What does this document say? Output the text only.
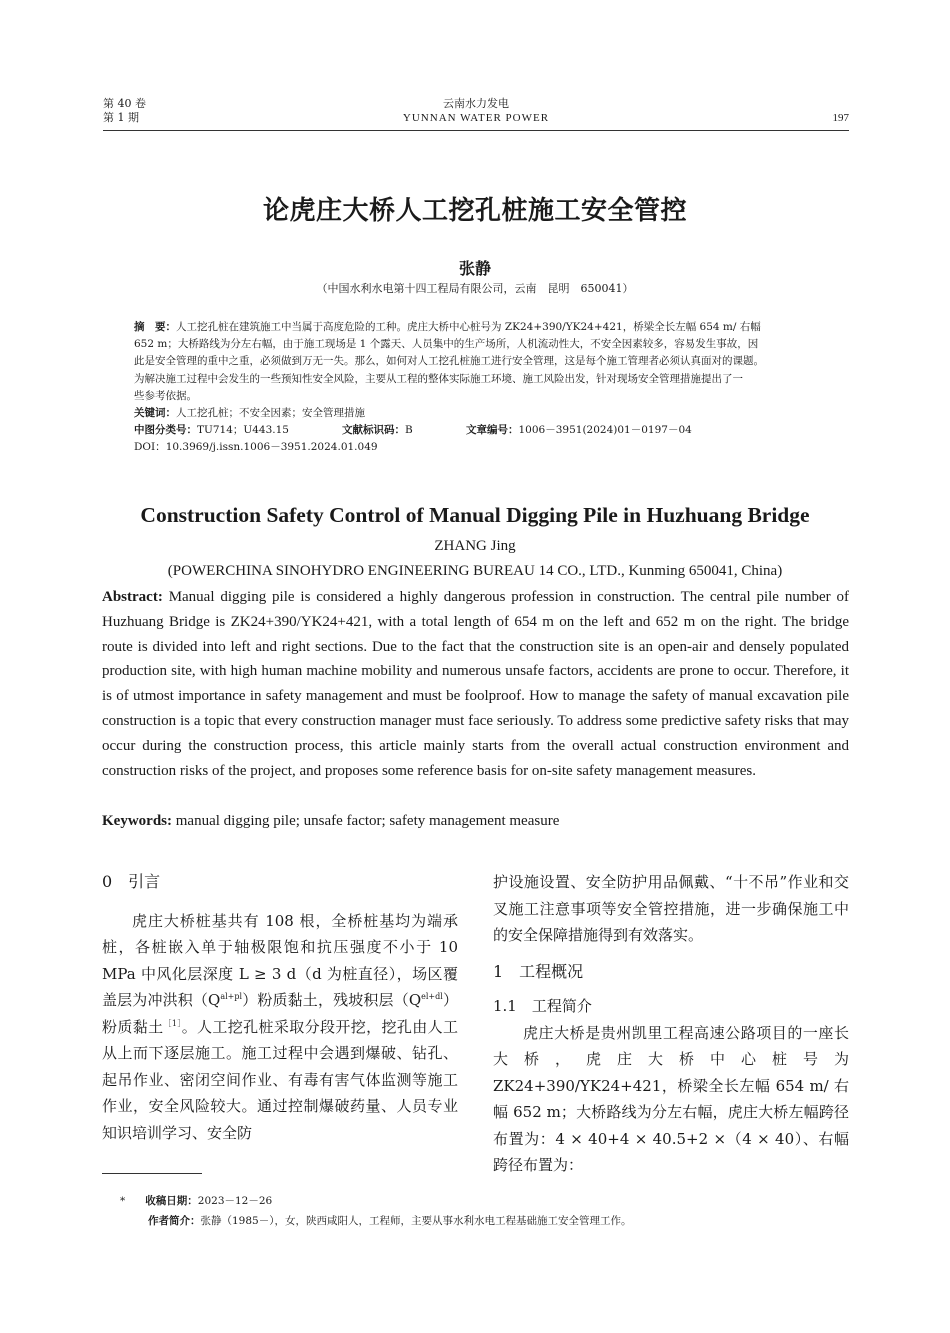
第 40 卷
第 1 期
云南水力发电
YUNNAN WATER POWER	197
论虎庄大桥人工挖孔桩施工安全管控
张静
（中国水利水电第十四工程局有限公司，云南　昆明　650041）
摘　要：人工挖孔桩在建筑施工中当属于高度危险的工种。虎庄大桥中心桩号为 ZK24+390/YK24+421，桥梁全长左幅 654 m/ 右幅
652 m；大桥路线为分左右幅，由于施工现场是 1 个露天、人员集中的生产场所，人机流动性大，不安全因素较多，容易发生事故，因
此是安全管理的重中之重，必须做到万无一失。那么，如何对人工挖孔桩施工进行安全管理，这是每个施工管理者必须认真面对的课题。
为解决施工过程中会发生的一些预知性安全风险，主要从工程的整体实际施工环境、施工风险出发，针对现场安全管理措施提出了一
些参考依据。
关键词：人工挖孔桩；不安全因素；安全管理措施
中图分类号：TU714；U443.15	文献标识码：B	文章编号：1006－3951(2024)01－0197－04
DOI：10.3969/j.issn.1006－3951.2024.01.049
Construction Safety Control of Manual Digging Pile in Huzhuang Bridge
ZHANG Jing
(POWERCHINA SINOHYDRO ENGINEERING BUREAU 14 CO., LTD., Kunming 650041, China)
Abstract: Manual digging pile is considered a highly dangerous profession in construction. The central pile number of Huzhuang Bridge is ZK24+390/YK24+421, with a total length of 654 m on the left and 652 m on the right. The bridge route is divided into left and right sections. Due to the fact that the construction site is an open-air and densely populated production site, with high human machine mobility and numerous unsafe factors, accidents are prone to occur. Therefore, it is of utmost importance in safety management and must be foolproof. How to manage the safety of manual excavation pile construction is a topic that every construction manager must face seriously. To address some predictive safety risks that may occur during the construction process, this article mainly starts from the overall actual construction environment and construction risks of the project, and proposes some reference basis for on-site safety management measures.
Keywords: manual digging pile; unsafe factor; safety management measure

0　引言

虎庄大桥桩基共有 108 根，全桥桩基均为端承桩，各桩嵌入单于轴极限饱和抗压强度不小于 10 MPa 中风化层深度 L ≥ 3 d（d 为桩直径），场区覆盖层为冲洪积$(Q^{al+pl})$粉质黏土，残坡积层$(Q^{el+dl})$粉质黏土$^{[1]}$。人工挖孔桩采取分段开挖，挖孔由人工从上而下逐层施工。施工过程中会遇到爆破、钻孔、起吊作业、密闭空间作业、有毒有害气体监测等施工作业，安全风险较大。通过控制爆破药量、人员专业知识培训学习、安全防

护设施设置、安全防护用品佩戴、“十不吊”作业和交叉施工注意事项等安全管控措施，进一步确保施工中的安全保障措施得到有效落实。

1　工程概况

1.1　工程简介

虎庄大桥是贵州凯里工程高速公路项目的一座长大桥，虎庄大桥中心桩号为 ZK24+390/YK24+421，桥梁全长左幅 654 m/ 右幅 652 m；大桥路线为分左右幅，虎庄大桥左幅跨径布置为：4 × 40+4 × 40.5+2 ×（4 × 40）、右幅跨径布置为：

* 收稿日期：2023－12－26
作者简介：张静（1985－），女，陕西咸阳人，工程师，主要从事水利水电工程基础施工安全管理工作。
